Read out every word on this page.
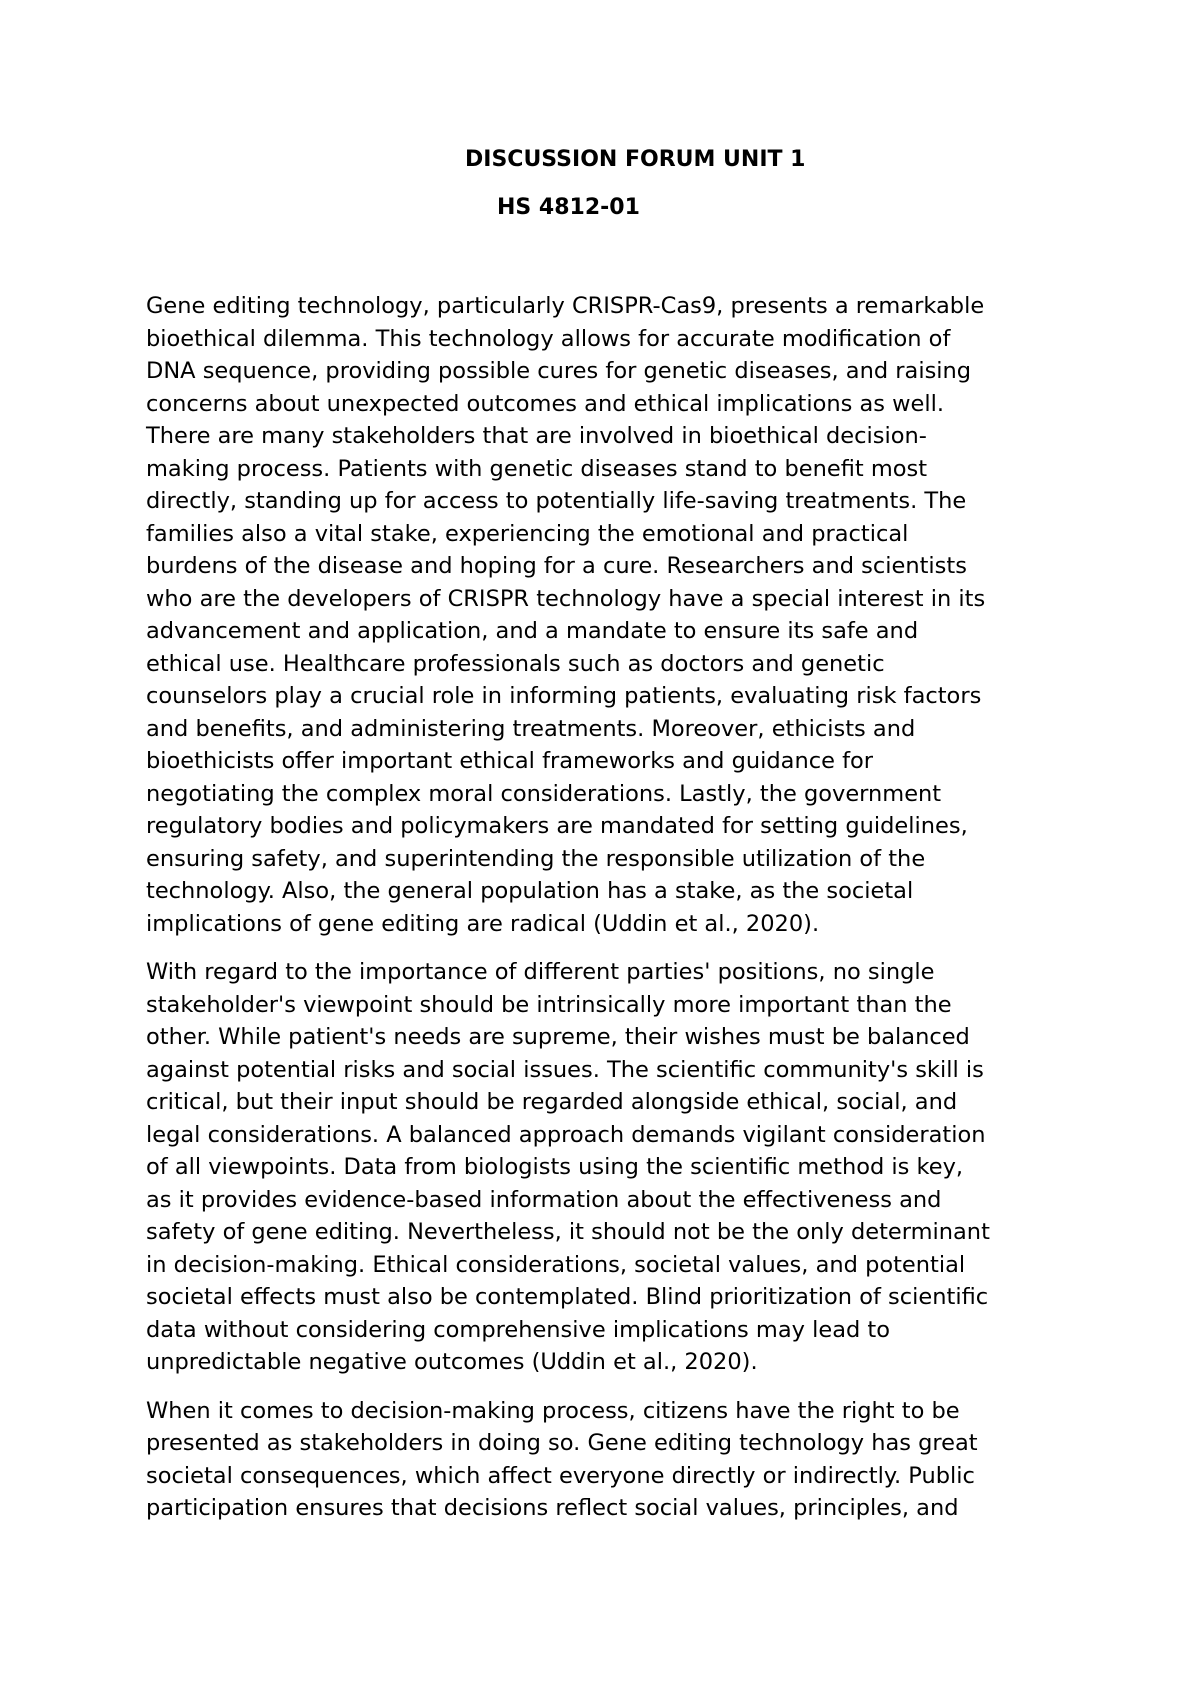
DISCUSSION FORUM UNIT 1
HS 4812-01
Gene editing technology, particularly CRISPR-Cas9, presents a remarkable
bioethical dilemma. This technology allows for accurate modification of
DNA sequence, providing possible cures for genetic diseases, and raising
concerns about unexpected outcomes and ethical implications as well.
There are many stakeholders that are involved in bioethical decision-
making process. Patients with genetic diseases stand to benefit most
directly, standing up for access to potentially life-saving treatments. The
families also a vital stake, experiencing the emotional and practical
burdens of the disease and hoping for a cure. Researchers and scientists
who are the developers of CRISPR technology have a special interest in its
advancement and application, and a mandate to ensure its safe and
ethical use. Healthcare professionals such as doctors and genetic
counselors play a crucial role in informing patients, evaluating risk factors
and benefits, and administering treatments. Moreover, ethicists and
bioethicists offer important ethical frameworks and guidance for
negotiating the complex moral considerations. Lastly, the government
regulatory bodies and policymakers are mandated for setting guidelines,
ensuring safety, and superintending the responsible utilization of the
technology. Also, the general population has a stake, as the societal
implications of gene editing are radical (Uddin et al., 2020).
With regard to the importance of different parties' positions, no single
stakeholder's viewpoint should be intrinsically more important than the
other. While patient's needs are supreme, their wishes must be balanced
against potential risks and social issues. The scientific community's skill is
critical, but their input should be regarded alongside ethical, social, and
legal considerations. A balanced approach demands vigilant consideration
of all viewpoints. Data from biologists using the scientific method is key,
as it provides evidence-based information about the effectiveness and
safety of gene editing. Nevertheless, it should not be the only determinant
in decision-making. Ethical considerations, societal values, and potential
societal effects must also be contemplated. Blind prioritization of scientific
data without considering comprehensive implications may lead to
unpredictable negative outcomes (Uddin et al., 2020).
When it comes to decision-making process, citizens have the right to be
presented as stakeholders in doing so. Gene editing technology has great
societal consequences, which affect everyone directly or indirectly. Public
participation ensures that decisions reflect social values, principles, and
